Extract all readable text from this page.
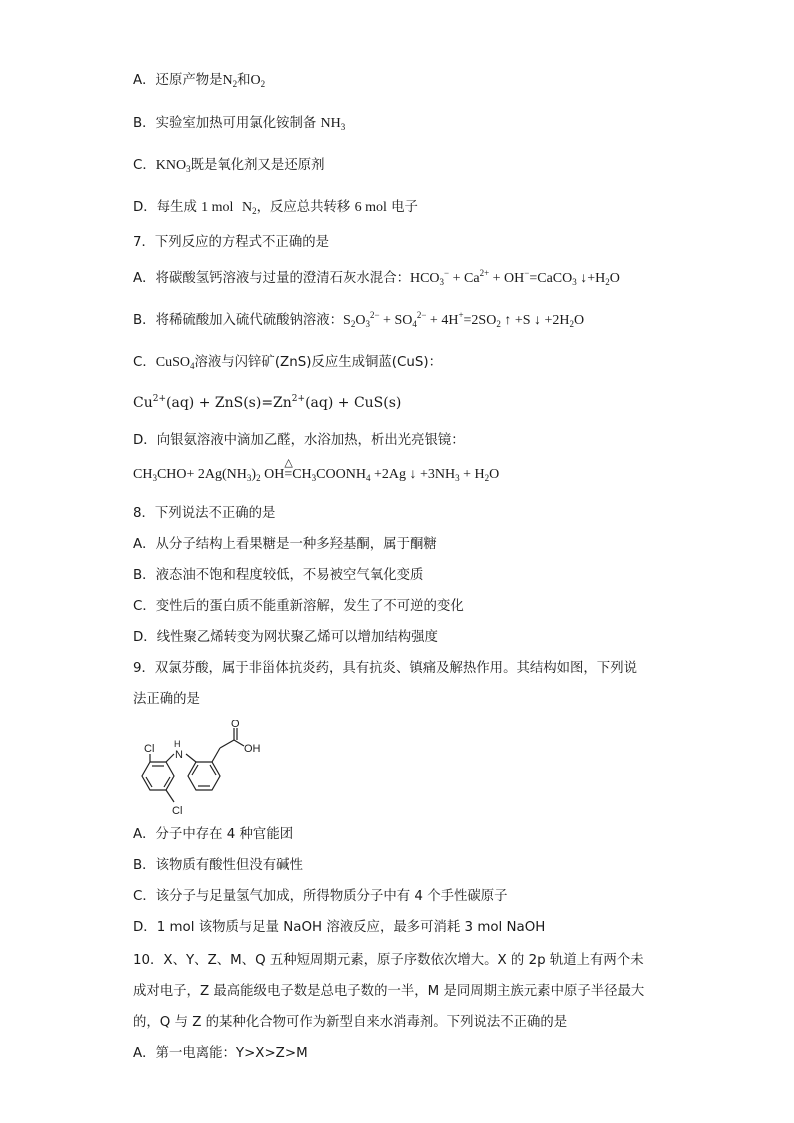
A．还原产物是$N_2$和$O_2$
B．实验室加热可用氯化铵制备 $NH_3$
C．$KNO_3$既是氧化剂又是还原剂
D．每生成 1 mol $N_2$，反应总共转移 6 mol 电子
7．下列反应的方程式不正确的是
A．将碳酸氢钙溶液与过量的澄清石灰水混合：$HCO_3^- + Ca^{2+}$ + OH−=CaCO$_3$ $↓+H_2O$
B．将稀硫酸加入硫代硫酸钠溶液：$S_2O_3^{2-} + SO_4^{2-} + 4H^+=2SO_2$ ↑ +S ↓ $+2H_2O$
C．CuSO$_4$溶液与闪锌矿(ZnS)反应生成铜蓝(CuS)：
$Cu^{2+}(aq) + ZnS(s)=Zn^{2+}(aq) + CuS(s)$
D．向银氨溶液中滴加乙醛，水浴加热，析出光亮银镜：
$CH_3CHO+ 2Ag(NH_3)_2$ OH
△
$=CH_3COONH_4 +2Ag$ ↓ $+3NH_3 + H_2O$
8．下列说法不正确的是
A．从分子结构上看果糖是一种多羟基酮，属于酮糖
B．液态油不饱和程度较低，不易被空气氧化变质
C．变性后的蛋白质不能重新溶解，发生了不可逆的变化
D．线性聚乙烯转变为网状聚乙烯可以增加结构强度
9．双氯芬酸，属于非甾体抗炎药，具有抗炎、镇痛及解热作用。其结构如图，下列说
法正确的是
Cl N
H
Cl
O
OH
A．分子中存在 4 种官能团
B．该物质有酸性但没有碱性
C．该分子与足量氢气加成，所得物质分子中有 4 个手性碳原子
D．1 mol 该物质与足量 NaOH 溶液反应，最多可消耗 3 mol NaOH
10．X、Y、Z、M、Q 五种短周期元素，原子序数依次增大。X 的 2p 轨道上有两个未
成对电子，Z 最高能级电子数是总电子数的一半，M 是同周期主族元素中原子半径最大
的，Q 与 Z 的某种化合物可作为新型自来水消毒剂。下列说法不正确的是
A．第一电离能：Y>X>Z>M
